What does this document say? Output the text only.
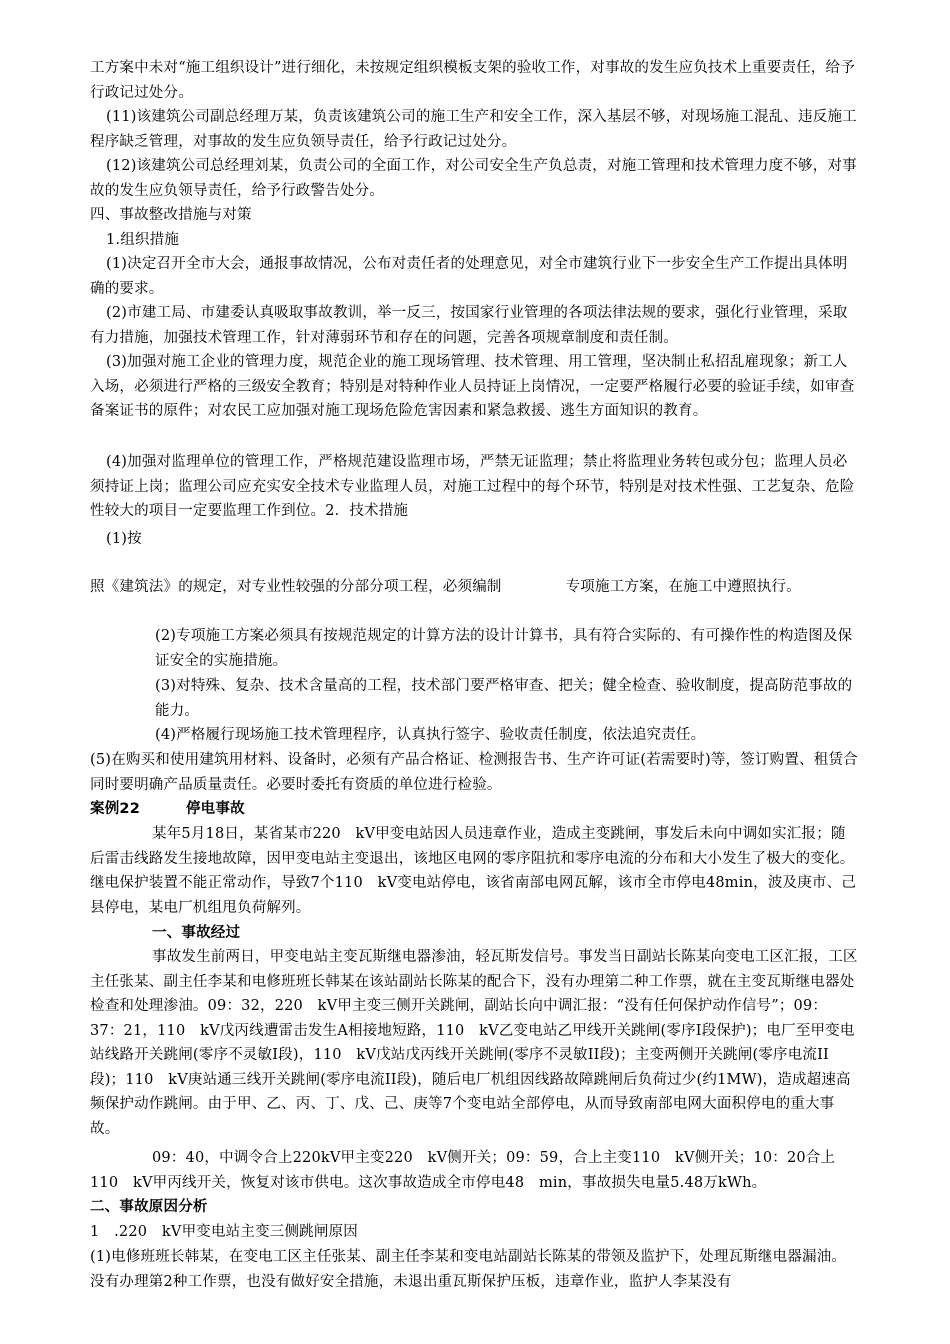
工方案中未对“施工组织设计”进行细化，未按规定组织模板支架的验收工作，对事故的发生应负技术上重要责任，给予行政记过处分。

(11)该建筑公司副总经理万某，负责该建筑公司的施工生产和安全工作，深入基层不够，对现场施工混乱、违反施工程序缺乏管理，对事故的发生应负领导责任，给予行政记过处分。

(12)该建筑公司总经理刘某，负责公司的全面工作，对公司安全生产负总责，对施工管理和技术管理力度不够，对事故的发生应负领导责任，给予行政警告处分。

四、事故整改措施与对策

1.组织措施

(1)决定召开全市大会，通报事故情况，公布对责任者的处理意见，对全市建筑行业下一步安全生产工作提出具体明确的要求。

(2)市建工局、市建委认真吸取事故教训，举一反三，按国家行业管理的各项法律法规的要求，强化行业管理，采取有力措施，加强技术管理工作，针对薄弱环节和存在的问题，完善各项规章制度和责任制。

(3)加强对施工企业的管理力度，规范企业的施工现场管理、技术管理、用工管理，坚决制止私招乱雇现象；新工人入场，必须进行严格的三级安全教育；特别是对特种作业人员持证上岗情况，一定要严格履行必要的验证手续，如审查备案证书的原件；对农民工应加强对施工现场危险危害因素和紧急救援、逃生方面知识的教育。

(4)加强对监理单位的管理工作，严格规范建设监理市场，严禁无证监理；禁止将监理业务转包或分包；监理人员必须持证上岗；监理公司应充实安全技术专业监理人员，对施工过程中的每个环节，特别是对技术性强、工艺复杂、危险性较大的项目一定要监理工作到位。2．技术措施

(1)按

照《建筑法》的规定，对专业性较强的分部分项工程，必须编制	专项施工方案，在施工中遵照执行。

(2)专项施工方案必须具有按规范规定的计算方法的设计计算书，具有符合实际的、有可操作性的构造图及保证安全的实施措施。

(3)对特殊、复杂、技术含量高的工程，技术部门要严格审查、把关；健全检查、验收制度，提高防范事故的能力。

(4)严格履行现场施工技术管理程序，认真执行签字、验收责任制度，依法追究责任。

(5)在购买和使用建筑用材料、设备时，必须有产品合格证、检测报告书、生产许可证(若需要时)等，签订购置、租赁合同时要明确产品质量责任。必要时委托有资质的单位进行检验。

案例22	停电事故

某年5月18日，某省某市220　kV甲变电站因人员违章作业，造成主变跳闸，事发后未向中调如实汇报；随后雷击线路发生接地故障，因甲变电站主变退出，该地区电网的零序阻抗和零序电流的分布和大小发生了极大的变化。继电保护装置不能正常动作，导致7个110　kV变电站停电，该省南部电网瓦解，该市全市停电48min，波及庚市、己县停电，某电厂机组甩负荷解列。

一、事故经过

事故发生前两日，甲变电站主变瓦斯继电器渗油，轻瓦斯发信号。事发当日副站长陈某向变电工区汇报，工区主任张某、副主任李某和电修班班长韩某在该站副站长陈某的配合下，没有办理第二种工作票，就在主变瓦斯继电器处检查和处理渗油。09：32，220　kV甲主变三侧开关跳闸，副站长向中调汇报：“没有任何保护动作信号”；09：37：21，110　kV戊丙线遭雷击发生A相接地短路，110　kV乙变电站乙甲线开关跳闸(零序Ⅰ段保护)；电厂至甲变电站线路开关跳闸(零序不灵敏Ⅰ段)，110　kV戊站戊丙线开关跳闸(零序不灵敏II段)；主变两侧开关跳闸(零序电流II段)；110　kV庚站通三线开关跳闸(零序电流II段)，随后电厂机组因线路故障跳闸后负荷过少(约1MW)，造成超速高频保护动作跳闸。由于甲、乙、丙、丁、戊、己、庚等7个变电站全部停电，从而导致南部电网大面积停电的重大事故。

09：40，中调令合上220kV甲主变220　kV侧开关；09：59，合上主变110　kV侧开关；10：20合上110　kV甲丙线开关，恢复对该市供电。这次事故造成全市停电48　min，事故损失电量5.48万kWh。

二、事故原因分析

1　.220　kV甲变电站主变三侧跳闸原因

(1)电修班班长韩某，在变电工区主任张某、副主任李某和变电站副站长陈某的带领及监护下，处理瓦斯继电器漏油。没有办理第2种工作票，也没有做好安全措施，未退出重瓦斯保护压板，违章作业，监护人李某没有
